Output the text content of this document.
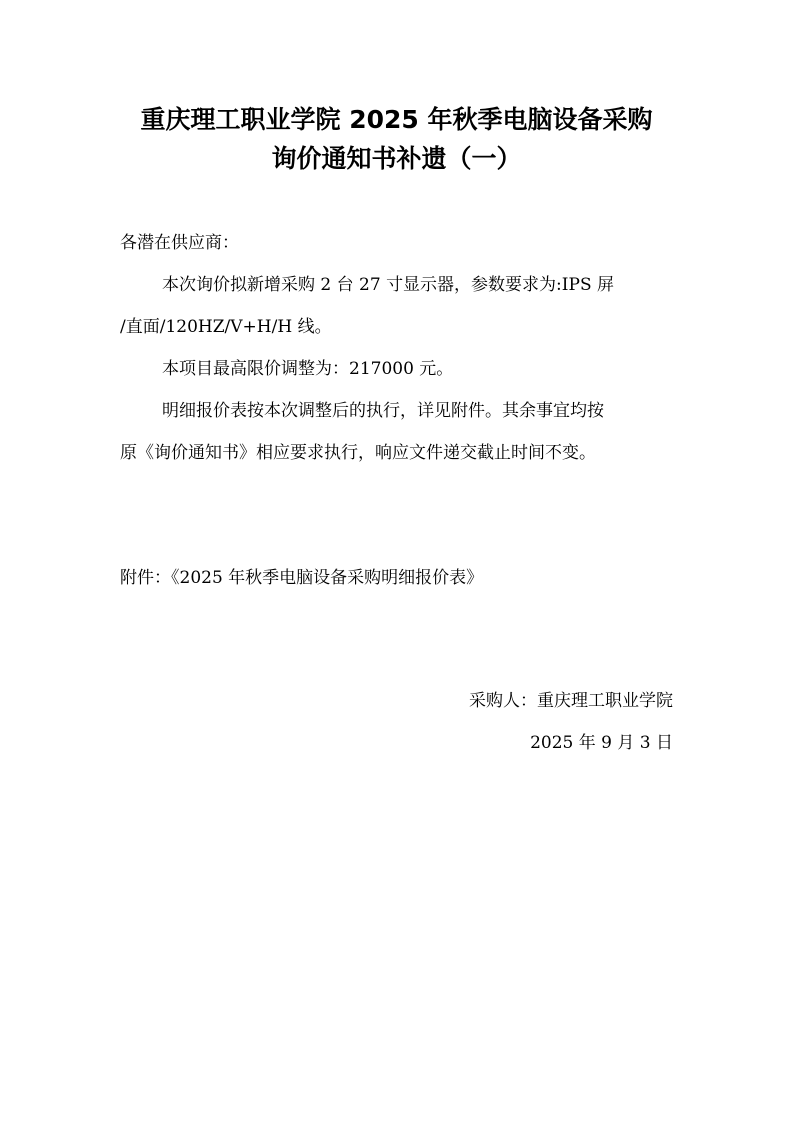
重庆理工职业学院 2025 年秋季电脑设备采购
询价通知书补遗（一）
各潜在供应商：
本次询价拟新增采购 2 台 27 寸显示器，参数要求为:IPS 屏
/直面/120HZ/V+H/H 线。
本项目最高限价调整为：217000 元。
明细报价表按本次调整后的执行，详见附件。其余事宜均按
原《询价通知书》相应要求执行，响应文件递交截止时间不变。
附件：《2025 年秋季电脑设备采购明细报价表》
采购人：重庆理工职业学院
2025 年 9 月 3 日
